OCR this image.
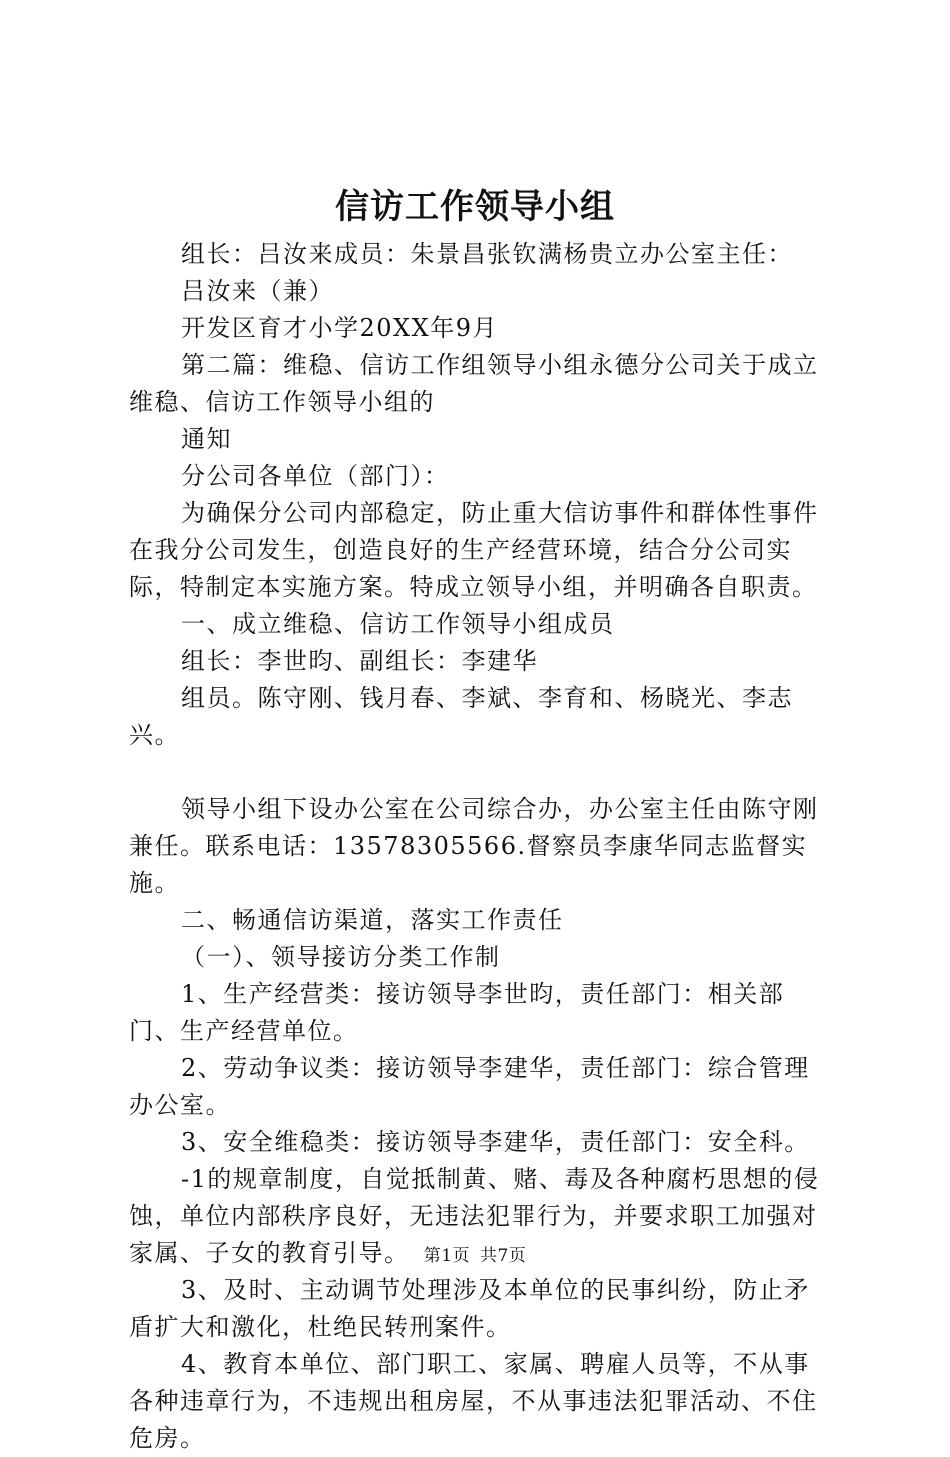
信访工作领导小组

组长：吕汝来成员：朱景昌张钦满杨贵立办公室主任：

吕汝来（兼）

开发区育才小学20XX年9月

第二篇：维稳、信访工作组领导小组永德分公司关于成立维稳、信访工作领导小组的

通知

分公司各单位（部门）：

为确保分公司内部稳定，防止重大信访事件和群体性事件在我分公司发生，创造良好的生产经营环境，结合分公司实际，特制定本实施方案。特成立领导小组，并明确各自职责。

一、成立维稳、信访工作领导小组成员

组长：李世昀、副组长：李建华

组员。陈守刚、钱月春、李斌、李育和、杨晓光、李志兴。

领导小组下设办公室在公司综合办，办公室主任由陈守刚兼任。联系电话：13578305566.督察员李康华同志监督实施。

二、畅通信访渠道，落实工作责任

（一）、领导接访分类工作制

1、生产经营类：接访领导李世昀，责任部门：相关部门、生产经营单位。

2、劳动争议类：接访领导李建华，责任部门：综合管理办公室。

3、安全维稳类：接访领导李建华，责任部门：安全科。

-1的规章制度，自觉抵制黄、赌、毒及各种腐朽思想的侵蚀，单位内部秩序良好，无违法犯罪行为，并要求职工加强对家属、子女的教育引导。

3、及时、主动调节处理涉及本单位的民事纠纷，防止矛盾扩大和激化，杜绝民转刑案件。

4、教育本单位、部门职工、家属、聘雇人员等，不从事各种违章行为，不违规出租房屋，不从事违法犯罪活动、不住危房。

第1页 共7页
